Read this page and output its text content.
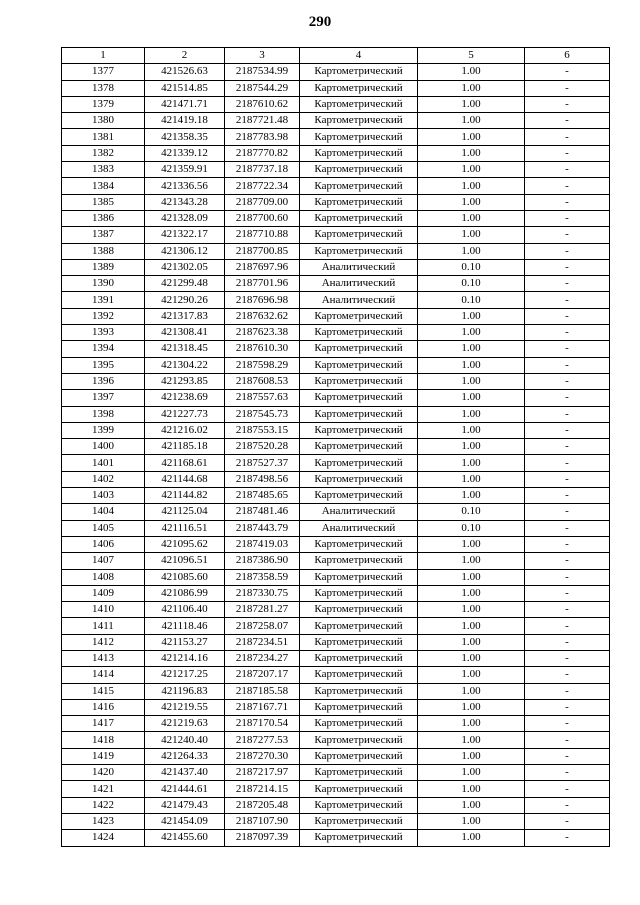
290
1	2	3	4	5	6
1377	421526.63	2187534.99	Картометрический	1.00	-
1378	421514.85	2187544.29	Картометрический	1.00	-
1379	421471.71	2187610.62	Картометрический	1.00	-
1380	421419.18	2187721.48	Картометрический	1.00	-
1381	421358.35	2187783.98	Картометрический	1.00	-
1382	421339.12	2187770.82	Картометрический	1.00	-
1383	421359.91	2187737.18	Картометрический	1.00	-
1384	421336.56	2187722.34	Картометрический	1.00	-
1385	421343.28	2187709.00	Картометрический	1.00	-
1386	421328.09	2187700.60	Картометрический	1.00	-
1387	421322.17	2187710.88	Картометрический	1.00	-
1388	421306.12	2187700.85	Картометрический	1.00	-
1389	421302.05	2187697.96	Аналитический	0.10	-
1390	421299.48	2187701.96	Аналитический	0.10	-
1391	421290.26	2187696.98	Аналитический	0.10	-
1392	421317.83	2187632.62	Картометрический	1.00	-
1393	421308.41	2187623.38	Картометрический	1.00	-
1394	421318.45	2187610.30	Картометрический	1.00	-
1395	421304.22	2187598.29	Картометрический	1.00	-
1396	421293.85	2187608.53	Картометрический	1.00	-
1397	421238.69	2187557.63	Картометрический	1.00	-
1398	421227.73	2187545.73	Картометрический	1.00	-
1399	421216.02	2187553.15	Картометрический	1.00	-
1400	421185.18	2187520.28	Картометрический	1.00	-
1401	421168.61	2187527.37	Картометрический	1.00	-
1402	421144.68	2187498.56	Картометрический	1.00	-
1403	421144.82	2187485.65	Картометрический	1.00	-
1404	421125.04	2187481.46	Аналитический	0.10	-
1405	421116.51	2187443.79	Аналитический	0.10	-
1406	421095.62	2187419.03	Картометрический	1.00	-
1407	421096.51	2187386.90	Картометрический	1.00	-
1408	421085.60	2187358.59	Картометрический	1.00	-
1409	421086.99	2187330.75	Картометрический	1.00	-
1410	421106.40	2187281.27	Картометрический	1.00	-
1411	421118.46	2187258.07	Картометрический	1.00	-
1412	421153.27	2187234.51	Картометрический	1.00	-
1413	421214.16	2187234.27	Картометрический	1.00	-
1414	421217.25	2187207.17	Картометрический	1.00	-
1415	421196.83	2187185.58	Картометрический	1.00	-
1416	421219.55	2187167.71	Картометрический	1.00	-
1417	421219.63	2187170.54	Картометрический	1.00	-
1418	421240.40	2187277.53	Картометрический	1.00	-
1419	421264.33	2187270.30	Картометрический	1.00	-
1420	421437.40	2187217.97	Картометрический	1.00	-
1421	421444.61	2187214.15	Картометрический	1.00	-
1422	421479.43	2187205.48	Картометрический	1.00	-
1423	421454.09	2187107.90	Картометрический	1.00	-
1424	421455.60	2187097.39	Картометрический	1.00	-
